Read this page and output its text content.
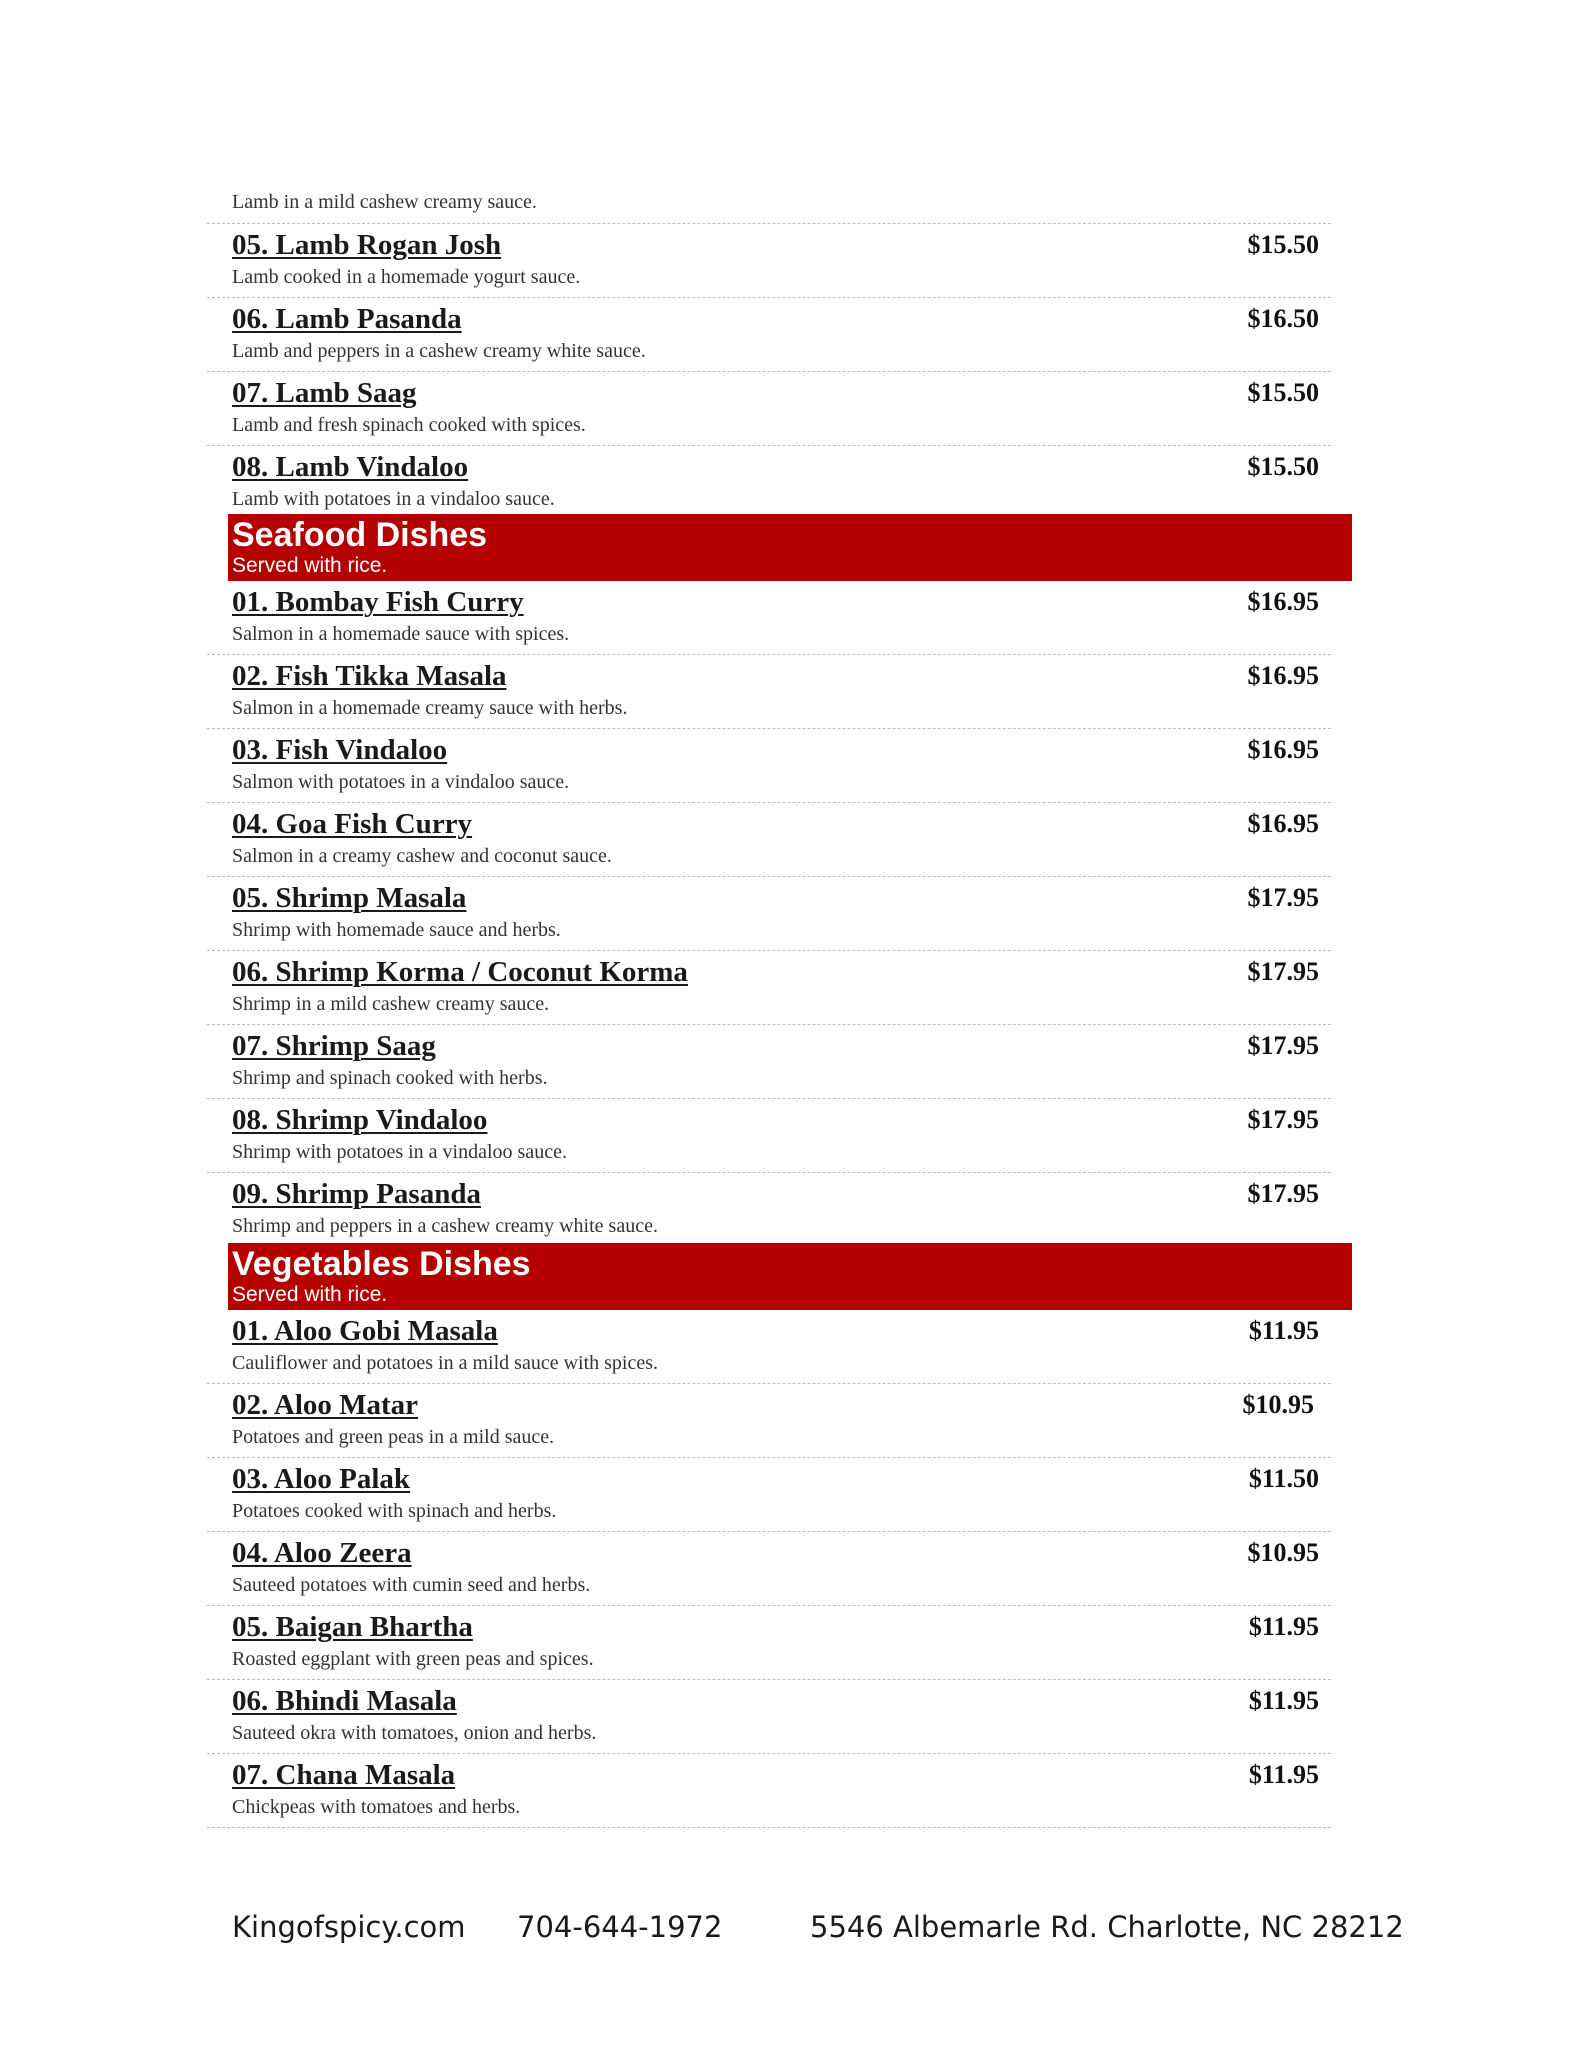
Lamb in a mild cashew creamy sauce.
05. Lamb Rogan Josh
Lamb cooked in a homemade yogurt sauce.
$15.50
06. Lamb Pasanda
Lamb and peppers in a cashew creamy white sauce.
$16.50
07. Lamb Saag
Lamb and fresh spinach cooked with spices.
$15.50
08. Lamb Vindaloo
Lamb with potatoes in a vindaloo sauce.
$15.50
Seafood Dishes
Served with rice.
01. Bombay Fish Curry
Salmon in a homemade sauce with spices.
$16.95
02. Fish Tikka Masala
Salmon in a homemade creamy sauce with herbs.
$16.95
03. Fish Vindaloo
Salmon with potatoes in a vindaloo sauce.
$16.95
04. Goa Fish Curry
Salmon in a creamy cashew and coconut sauce.
$16.95
05. Shrimp Masala
Shrimp with homemade sauce and herbs.
$17.95
06. Shrimp Korma / Coconut Korma
Shrimp in a mild cashew creamy sauce.
$17.95
07. Shrimp Saag
Shrimp and spinach cooked with herbs.
$17.95
08. Shrimp Vindaloo
Shrimp with potatoes in a vindaloo sauce.
$17.95
09. Shrimp Pasanda
Shrimp and peppers in a cashew creamy white sauce.
$17.95
Vegetables Dishes
Served with rice.
01. Aloo Gobi Masala
Cauliflower and potatoes in a mild sauce with spices.
$11.95
02. Aloo Matar
Potatoes and green peas in a mild sauce.
$10.95
03. Aloo Palak
Potatoes cooked with spinach and herbs.
$11.50
04. Aloo Zeera
Sauteed potatoes with cumin seed and herbs.
$10.95
05. Baigan Bhartha
Roasted eggplant with green peas and spices.
$11.95
06. Bhindi Masala
Sauteed okra with tomatoes, onion and herbs.
$11.95
07. Chana Masala
Chickpeas with tomatoes and herbs.
$11.95
Kingofspicy.com 704-644-1972	5546 Albemarle Rd. Charlotte, NC 28212
